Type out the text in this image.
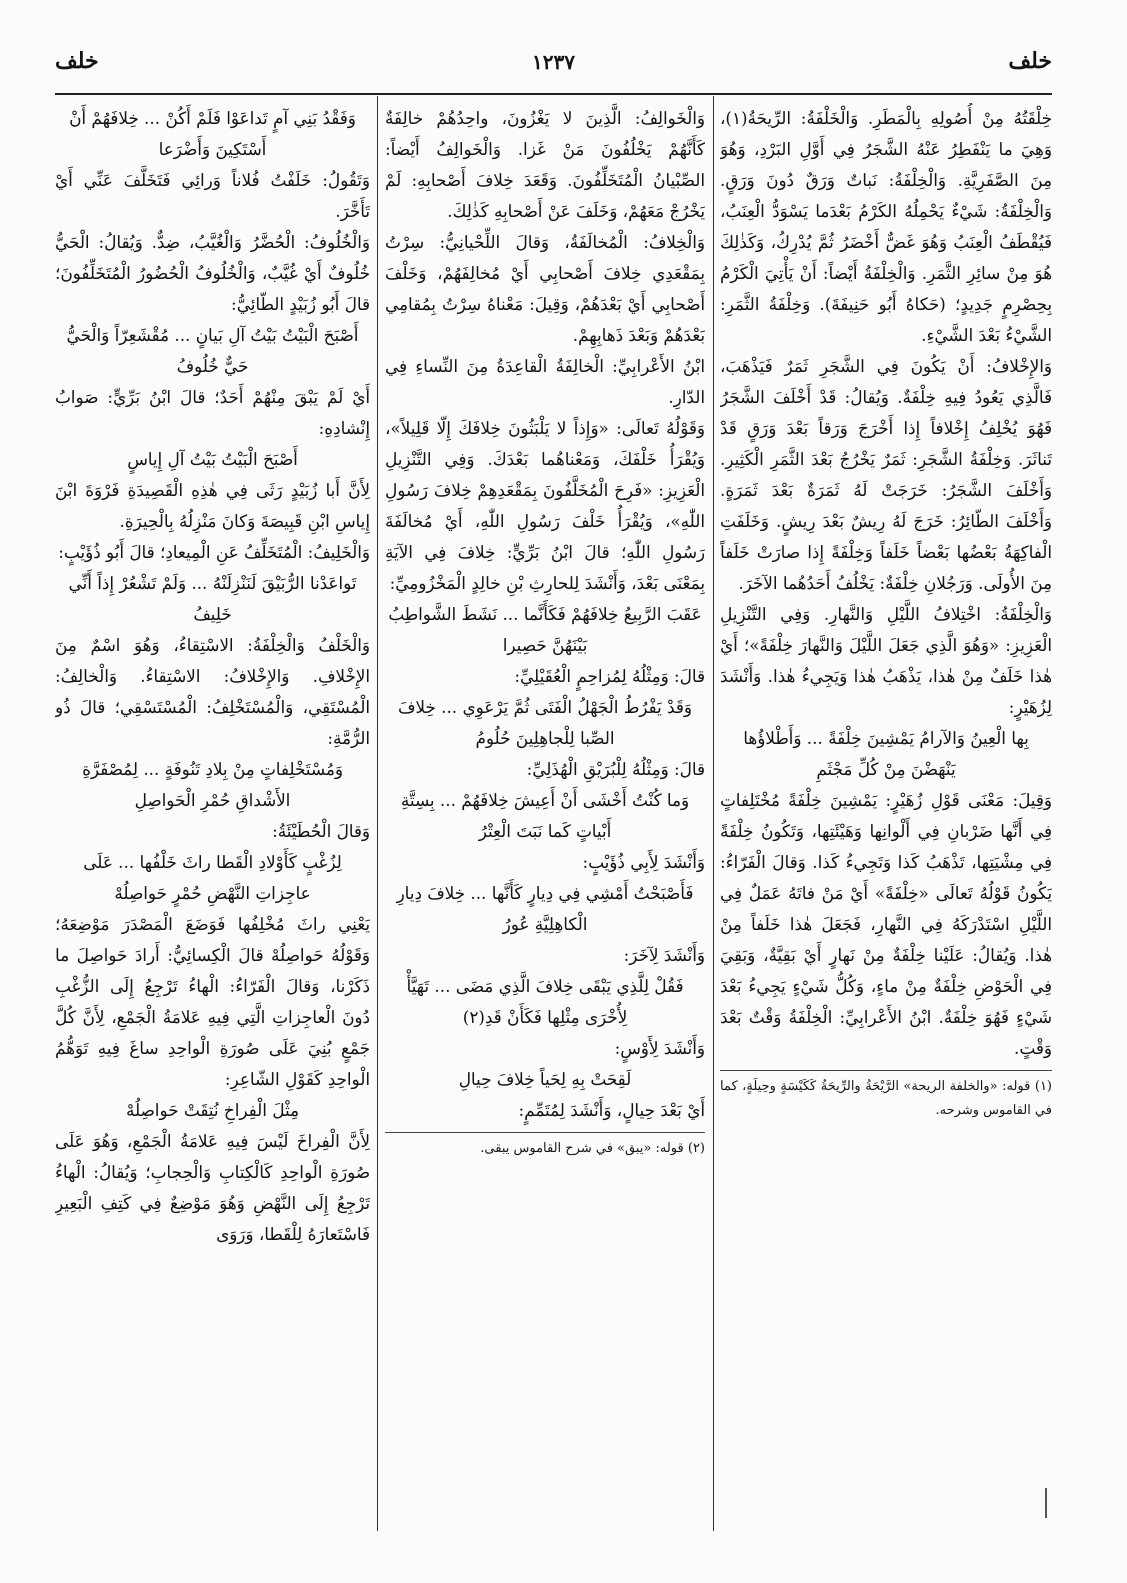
خلف
١٢٣٧
خلف

خِلْقَتُهُ مِنْ أُصُولِهِ بِالْمَطَرِ. وَالْخَلْفَةُ: الرِّيحَةُ(١)، وَهِيَ ما يَنْفَطِرُ عَنْهُ الشَّجَرُ فِي أَوَّلِ البَرْدِ، وَهُوَ مِنَ الصَّفَرِيَّةِ. وَالْخِلْفَةُ: نَباتٌ وَرَقٌ دُونَ وَرَقٍ. وَالْخِلْفَةُ: شَيْءٌ يَحْمِلُهُ الكَرْمُ بَعْدَما يَسْوَدُّ الْعِنَبُ، فَيُقْطَفُ الْعِنَبُ وَهُوَ غَضٌّ أَخْضَرُ ثُمَّ يُدْرِكُ، وَكَذٰلِكَ هُوَ مِنْ سائِرِ الثَّمَرِ. وَالْخِلْفَةُ أَيْضاً: أَنْ يَأْتِيَ الْكَرْمُ بِحِصْرِمٍ جَدِيدٍ؛ (حَكاهُ أَبُو حَنِيفَةَ). وَخِلْفَةُ الثَّمَرِ: الشَّيْءُ بَعْدَ الشَّيْءِ.

وَالإِخْلافُ: أَنْ يَكُونَ فِي الشَّجَرِ ثَمَرٌ فَيَذْهَبَ، فَالَّذِي يَعُودُ فِيهِ خِلْفَةٌ. وَيُقالُ: قَدْ أَخْلَفَ الشَّجَرُ فَهُوَ يُخْلِفُ إِخْلافاً إِذا أَخْرَجَ وَرَقاً بَعْدَ وَرَقٍ قَدْ تَناثَرَ. وَخِلْفَةُ الشَّجَرِ: ثَمَرٌ يَخْرُجُ بَعْدَ الثَّمَرِ الْكَثِيرِ. وَأَخْلَفَ الشَّجَرُ: خَرَجَتْ لَهُ ثَمَرَةٌ بَعْدَ ثَمَرَةٍ. وَأَخْلَفَ الطّائِرُ: خَرَجَ لَهُ رِيشٌ بَعْدَ رِيشٍ. وَخَلَفَتِ الْفاكِهَةُ بَعْضُها بَعْضاً خَلَفاً وَخِلْفَةً إِذا صارَتْ خَلَفاً مِنَ الأُولَى. وَرَجُلانِ خِلْفَةٌ: يَخْلُفُ أَحَدُهُما الآخَرَ.

وَالْخِلْفَةُ: اخْتِلافُ اللَّيْلِ وَالنَّهارِ. وَفِي التَّنْزِيلِ الْعَزِيزِ: «وَهُوَ الَّذِي جَعَلَ اللَّيْلَ وَالنَّهارَ خِلْفَةً»؛ أَيْ هٰذا خَلَفٌ مِنْ هٰذا، يَذْهَبُ هٰذا وَيَجِيءُ هٰذا. وَأَنْشَدَ لِزُهَيْرٍ:

بِها الْعِينُ وَالآرامُ يَمْشِينَ خِلْفَةً ... وَأَطْلاؤُها يَنْهَضْنَ مِنْ كُلِّ مَجْثَمِ

وَقِيلَ: مَعْنَى قَوْلِ زُهَيْرٍ: يَمْشِينَ خِلْفَةً مُخْتَلِفاتٍ فِي أَنَّها ضَرْبانِ فِي أَلْوانِها وَهَيْئَتِها، وَتَكُونُ خِلْفَةً فِي مِشْيَتِها، تَذْهَبُ كَذا وَتَجِيءُ كَذا. وَقالَ الْفَرّاءُ: يَكُونُ قَوْلُهُ تَعالَى «خِلْفَةً» أَيْ مَنْ فاتَهُ عَمَلٌ فِي اللَّيْلِ اسْتَدْرَكَهُ فِي النَّهارِ، فَجَعَلَ هٰذا خَلَفاً مِنْ هٰذا. وَيُقالُ: عَلَيْنا خِلْفَةٌ مِنْ نَهارٍ أَيْ بَقِيَّةٌ، وَبَقِيَ فِي الْحَوْضِ خِلْفَةٌ مِنْ ماءٍ، وَكُلُّ شَيْءٍ يَجِيءُ بَعْدَ شَيْءٍ فَهُوَ خِلْفَةٌ. ابْنُ الأَعْرابِيِّ: الْخِلْفَةُ وَقْتٌ بَعْدَ وَقْتٍ.

(١) قوله: «والخلفة الريحة» الرَّيْحَةُ والرِّيحَةُ كَكَيْسَةٍ وحِيلَةٍ، كما في القاموس وشرحه.

وَالْخَوالِفُ: الَّذِينَ لا يَغْزُونَ، واحِدُهُمْ خالِفَةٌ كَأَنَّهُمْ يَخْلُفُونَ مَنْ غَزا. وَالْخَوالِفُ أَيْضاً: الصِّبْيانُ الْمُتَخَلِّفُونَ. وَقَعَدَ خِلافَ أَصْحابِهِ: لَمْ يَخْرُجْ مَعَهُمْ، وَخَلَفَ عَنْ أَصْحابِهِ كَذٰلِكَ.

وَالْخِلافُ: الْمُخالَفَةُ، وَقالَ اللِّحْيانِيُّ: سِرْتُ بِمَقْعَدِي خِلافَ أَصْحابِي أَيْ مُخالِفَهُمْ، وَخَلْفَ أَصْحابِي أَيْ بَعْدَهُمْ، وَقِيلَ: مَعْناهُ سِرْتُ بِمُقامِي بَعْدَهُمْ وَبَعْدَ ذَهابِهِمْ.

ابْنُ الأَعْرابِيِّ: الْخالِفَةُ الْقاعِدَةُ مِنَ النِّساءِ فِي الدّارِ.

وَقَوْلُهُ تَعالَى: «وَإِذاً لا يَلْبَثُونَ خِلافَكَ إِلّا قَلِيلاً»، وَيُقْرَأُ خَلْفَكَ، وَمَعْناهُما بَعْدَكَ. وَفِي التَّنْزِيلِ الْعَزِيزِ: «فَرِحَ الْمُخَلَّفُونَ بِمَقْعَدِهِمْ خِلافَ رَسُولِ اللّٰهِ»، وَيُقْرَأُ خَلْفَ رَسُولِ اللّٰهِ، أَيْ مُخالَفَةَ رَسُولِ اللّٰهِ؛ قالَ ابْنُ بَرِّيٍّ: خِلافَ فِي الآيَةِ بِمَعْنَى بَعْدَ، وَأَنْشَدَ لِلحارِثِ بْنِ خالِدٍ الْمَخْزُومِيِّ:

عَقَبَ الرَّبِيعُ خِلافَهُمْ فَكَأَنَّما ... نَشَطَ الشَّواطِبُ بَيْنَهُنَّ حَصِيرا

قالَ: وَمِثْلُهُ لِمُزاحِمٍ الْعُقَيْلِيِّ:

وَقَدْ يَفْرُطُ الْجَهْلُ الْفَتَى ثُمَّ يَرْعَوِي ... خِلافَ الصِّبا لِلْجاهِلِينَ حُلُومُ

قالَ: وَمِثْلُهُ لِلْبُرَيْقِ الْهُذَلِيِّ:

وَما كُنْتُ أَخْشَى أَنْ أَعِيشَ خِلافَهُمْ ... بِسِتَّةِ أَبْياتٍ كَما نَبَتَ الْعِتْرُ

وَأَنْشَدَ لِأَبِي ذُؤَيْبٍ:

فَأَصْبَحْتُ أَمْشِي فِي دِيارٍ كَأَنَّها ... خِلافَ دِيارِ الْكاهِلِيَّةِ عُورُ

وَأَنْشَدَ لِآخَرَ:

فَقُلْ لِلَّذِي يَبْقَى خِلافَ الَّذِي مَضَى ... تَهَيَّأْ لِأُخْرَى مِثْلِها فَكَأَنْ قَدِ(٢)

وَأَنْشَدَ لِأَوْسٍ:

لَقِحَتْ بِهِ لِحَياً خِلافَ حِيالِ

أَيْ بَعْدَ حِيالٍ، وَأَنْشَدَ لِمُتَمِّمٍ:

(٢) قوله: «يبق» في شرح القاموس يبقى.

وَفَقْدُ بَنِي آمٍ تَداعَوْا فَلَمْ أَكُنْ ... خِلافَهُمْ أَنْ أَسْتَكِينَ وَأَضْرَعا

وَتَقُولُ: خَلَفْتُ فُلاناً وَرائِي فَتَخَلَّفَ عَنِّي أَيْ تَأَخَّرَ.

وَالْخُلُوفُ: الْحُضَّرُ وَالْغُيَّبُ، ضِدٌّ. وَيُقالُ: الْحَيُّ خُلُوفٌ أَيْ غُيَّبٌ، وَالْخُلُوفُ الْحُضُورُ الْمُتَخَلِّفُونَ؛ قالَ أَبُو زُبَيْدٍ الطّائِيُّ:

أَصْبَحَ الْبَيْتُ بَيْتُ آلِ بَيانٍ ... مُقْشَعِرّاً وَالْحَيُّ حَيٌّ خُلُوفُ

أَيْ لَمْ يَبْقَ مِنْهُمْ أَحَدٌ؛ قالَ ابْنُ بَرِّيٍّ: صَوابُ إِنْشادِهِ:

أَصْبَحَ الْبَيْتُ بَيْتُ آلِ إِياسٍ

لِأَنَّ أَبا زُبَيْدٍ رَثَى فِي هٰذِهِ الْقَصِيدَةِ فَرْوَةَ ابْنَ إِياسِ ابْنِ قَبِيصَةَ وَكانَ مَنْزِلُهُ بِالْحِيرَةِ.

وَالْخَلِيفُ: الْمُتَخَلِّفُ عَنِ الْمِيعادِ؛ قالَ أَبُو ذُؤَيْبٍ:

تَواعَدْنا الرُّبَيْقَ لَنَنْزِلَنْهُ ... وَلَمْ تَشْعُرْ إِذاً أَنِّي خَلِيفُ

وَالْخَلْفُ وَالْخِلْفَةُ: الاسْتِقاءُ، وَهُوَ اسْمٌ مِنَ الإِخْلافِ. وَالإِخْلافُ: الاسْتِقاءُ. وَالْخالِفُ: الْمُسْتَقِي، وَالْمُسْتَخْلِفُ: الْمُسْتَسْقِي؛ قالَ ذُو الرُّمَّةِ:

وَمُسْتَخْلِفاتٍ مِنْ بِلادِ تَنُوفَةٍ ... لِمُصْفَرَّةِ الأَشْداقِ حُمْرِ الْحَواصِلِ

وَقالَ الْحُطَيْئَةُ:

لِزُغْبٍ كَأَوْلادِ الْقَطا راثَ خَلْفُها ... عَلَى عاجِزاتِ النَّهْضِ حُمْرٍ حَواصِلُهْ

يَعْنِي راثَ مُخْلِفُها فَوَضَعَ الْمَصْدَرَ مَوْضِعَهُ؛ وَقَوْلُهُ حَواصِلُهْ قالَ الْكِسائِيُّ: أَرادَ حَواصِلَ ما ذَكَرْنا، وَقالَ الْفَرّاءُ: الْهاءُ تَرْجِعُ إِلَى الزُّغْبِ دُونَ الْعاجِزاتِ الَّتِي فِيهِ عَلامَةُ الْجَمْعِ، لِأَنَّ كُلَّ جَمْعٍ بُنِيَ عَلَى صُورَةِ الْواحِدِ ساغَ فِيهِ تَوَهُّمُ الْواحِدِ كَقَوْلِ الشّاعِرِ:

مِثْلَ الْفِراخِ نُتِقَتْ حَواصِلُهْ

لِأَنَّ الْفِراخَ لَيْسَ فِيهِ عَلامَةُ الْجَمْعِ، وَهُوَ عَلَى صُورَةِ الْواحِدِ كَالْكِتابِ وَالْحِجابِ؛ وَيُقالُ: الْهاءُ تَرْجِعُ إِلَى النَّهْضِ وَهُوَ مَوْضِعٌ فِي كَتِفِ الْبَعِيرِ فَاسْتَعارَهُ لِلْقَطا، وَرَوَى
